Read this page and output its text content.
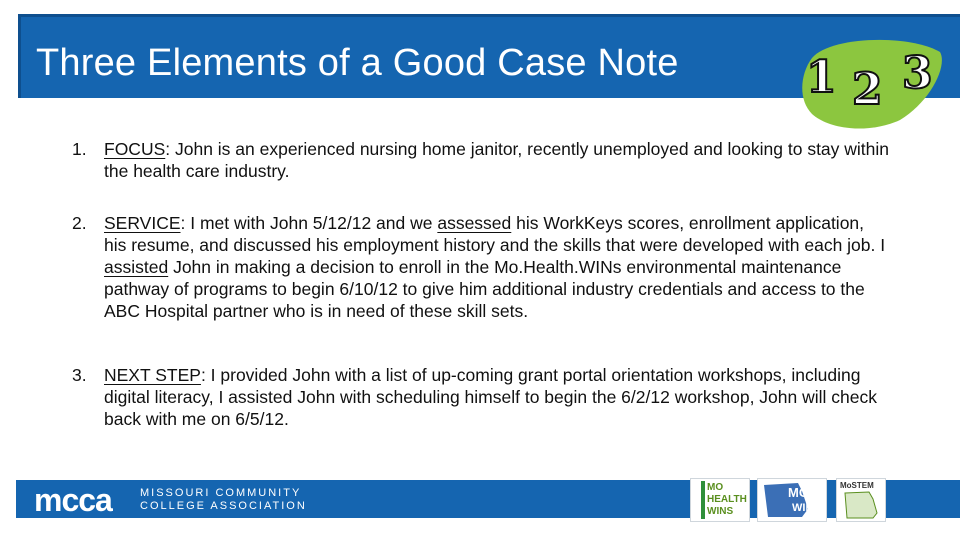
Three Elements of a Good Case Note	1 2 3
1. FOCUS: John is an experienced nursing home janitor, recently unemployed and looking to stay within the health care industry.
2. SERVICE: I met with John 5/12/12 and we assessed his WorkKeys scores, enrollment application, his resume, and discussed his employment history and the skills that were developed with each job. I assisted John in making a decision to enroll in the Mo.Health.WINs environmental maintenance pathway of programs to begin 6/10/12 to give him additional industry credentials and access to the ABC Hospital partner who is in need of these skill sets.
3. NEXT STEP: I provided John with a list of up-coming grant portal orientation workshops, including digital literacy, I assisted John with scheduling himself to begin the 6/2/12 workshop, John will check back with me on 6/5/12.
mcca	MISSOURI COMMUNITY
COLLEGE ASSOCIATION
MO
HEALTH
WINS
MO
WINS
MoSTEM
